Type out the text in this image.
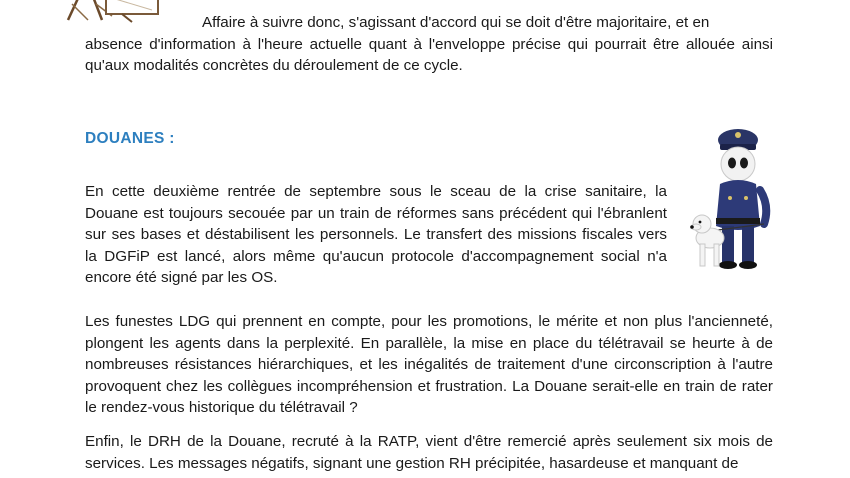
Affaire à suivre donc, s'agissant d'accord qui se doit d'être majoritaire, et en
absence d'information à l'heure actuelle quant à l'enveloppe précise qui pourrait être allouée ainsi qu'aux modalités concrètes du déroulement de ce cycle.

DOUANES :

En cette deuxième rentrée de septembre sous le sceau de la crise sanitaire, la Douane est toujours secouée par un train de réformes sans précédent qui l'ébranlent sur ses bases et déstabilisent les personnels. Le transfert des missions fiscales vers la DGFiP est lancé, alors même qu'aucun protocole d'accompagnement social n'a encore été signé par les OS.

Les funestes LDG qui prennent en compte, pour les promotions, le mérite et non plus l'ancienneté, plongent les agents dans la perplexité. En parallèle, la mise en place du télétravail se heurte à de nombreuses résistances hiérarchiques, et les inégalités de traitement d'une circonscription à l'autre provoquent chez les collègues incompréhension et frustration. La Douane serait-elle en train de rater le rendez-vous historique du télétravail ?

Enfin, le DRH de la Douane, recruté à la RATP, vient d'être remercié après seulement six mois de services. Les messages négatifs, signant une gestion RH précipitée, hasardeuse et manquant de
